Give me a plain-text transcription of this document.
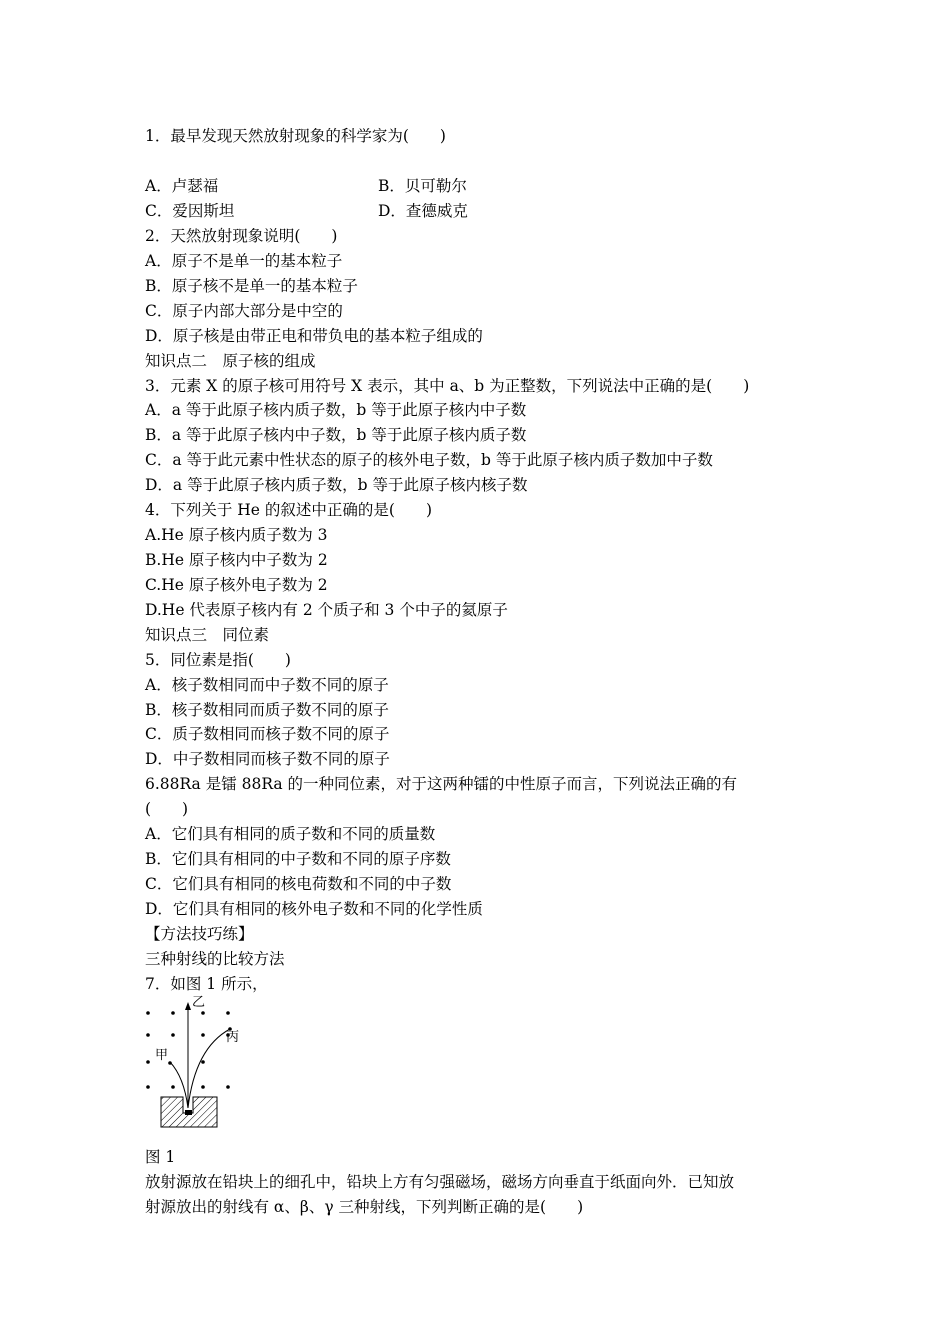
1．最早发现天然放射现象的科学家为(　　)
A．卢瑟福	B．贝可勒尔
C．爱因斯坦	D．查德威克
2．天然放射现象说明(　　)
A．原子不是单一的基本粒子
B．原子核不是单一的基本粒子
C．原子内部大部分是中空的
D．原子核是由带正电和带负电的基本粒子组成的
知识点二　原子核的组成
3．元素 X 的原子核可用符号 X 表示，其中 a、b 为正整数，下列说法中正确的是(　　)
A．a 等于此原子核内质子数，b 等于此原子核内中子数
B．a 等于此原子核内中子数，b 等于此原子核内质子数
C．a 等于此元素中性状态的原子的核外电子数，b 等于此原子核内质子数加中子数
D．a 等于此原子核内质子数，b 等于此原子核内核子数
4．下列关于 He 的叙述中正确的是(　　)
A.He 原子核内质子数为 3
B.He 原子核内中子数为 2
C.He 原子核外电子数为 2
D.He 代表原子核内有 2 个质子和 3 个中子的氦原子
知识点三　同位素
5．同位素是指(　　)
A．核子数相同而中子数不同的原子
B．核子数相同而质子数不同的原子
C．质子数相同而核子数不同的原子
D．中子数相同而核子数不同的原子
6.88Ra 是镭 88Ra 的一种同位素，对于这两种镭的中性原子而言，下列说法正确的有
(　　)
A．它们具有相同的质子数和不同的质量数
B．它们具有相同的中子数和不同的原子序数
C．它们具有相同的核电荷数和不同的中子数
D．它们具有相同的核外电子数和不同的化学性质
【方法技巧练】
三种射线的比较方法
7．如图 1 所示，
乙
甲
丙
图 1
放射源放在铅块上的细孔中，铅块上方有匀强磁场，磁场方向垂直于纸面向外．已知放
射源放出的射线有 α、β、γ 三种射线，下列判断正确的是(　　)
